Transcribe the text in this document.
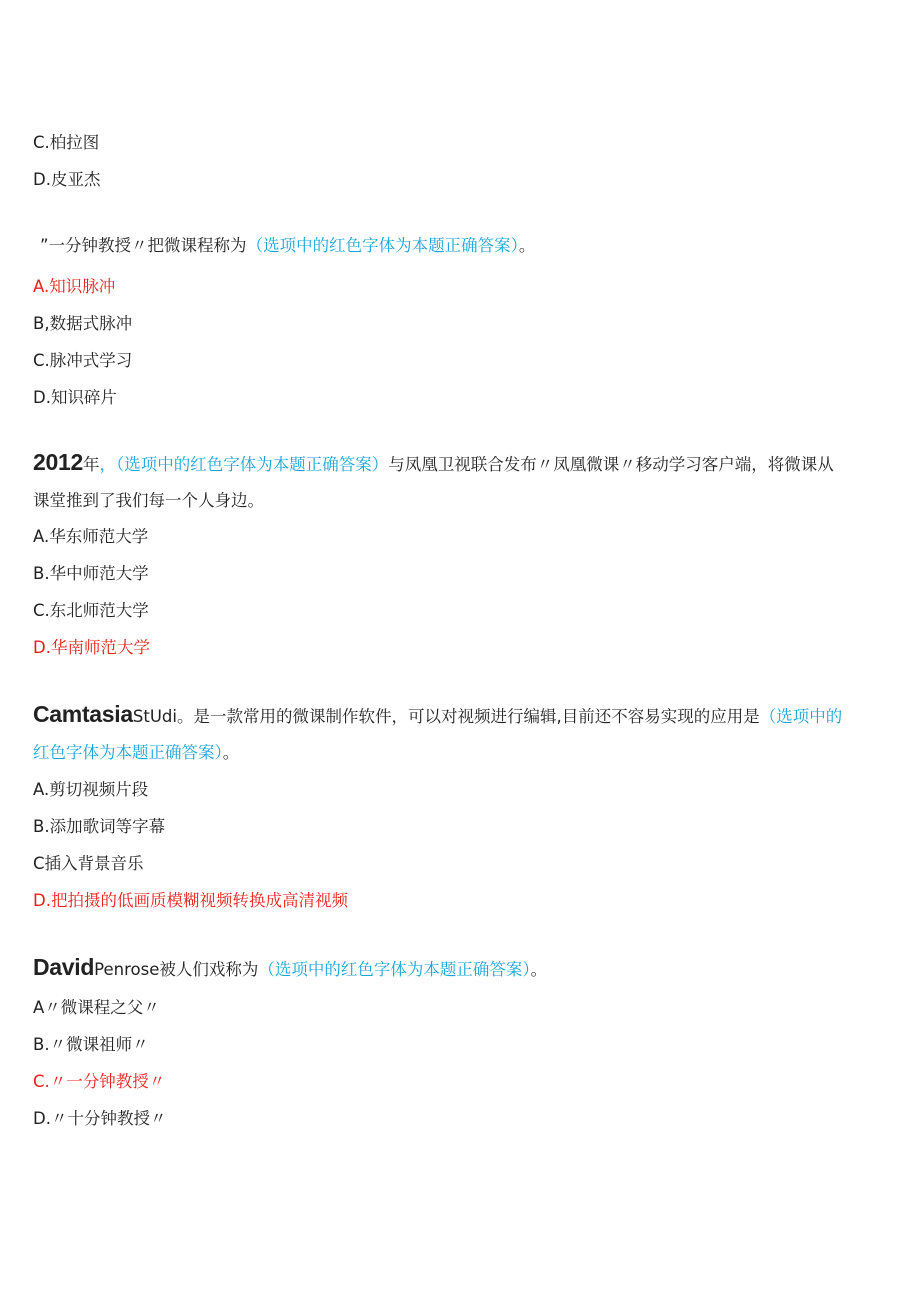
C.柏拉图
D.皮亚杰
”一分钟教授〃把微课程称为（选项中的红色字体为本题正确答案）。
A.知识脉冲
B,数据式脉冲
C.脉冲式学习
D.知识碎片
2012年，（选项中的红色字体为本题正确答案）与凤凰卫视联合发布〃凤凰微课〃移动学习客户端，将微课从
课堂推到了我们每一个人身边。
A.华东师范大学
B.华中师范大学
C.东北师范大学
D.华南师范大学
CamtasiaStUdi。是一款常用的微课制作软件，可以对视频进行编辑,目前还不容易实现的应用是（选项中的
红色字体为本题正确答案）。
A.剪切视频片段
B.添加歌词等字幕
C插入背景音乐
D.把拍摄的低画质模糊视频转换成高清视频
DavidPenrose被人们戏称为（选项中的红色字体为本题正确答案）。
A〃微课程之父〃
B.〃微课祖师〃
C.〃一分钟教授〃
D.〃十分钟教授〃
